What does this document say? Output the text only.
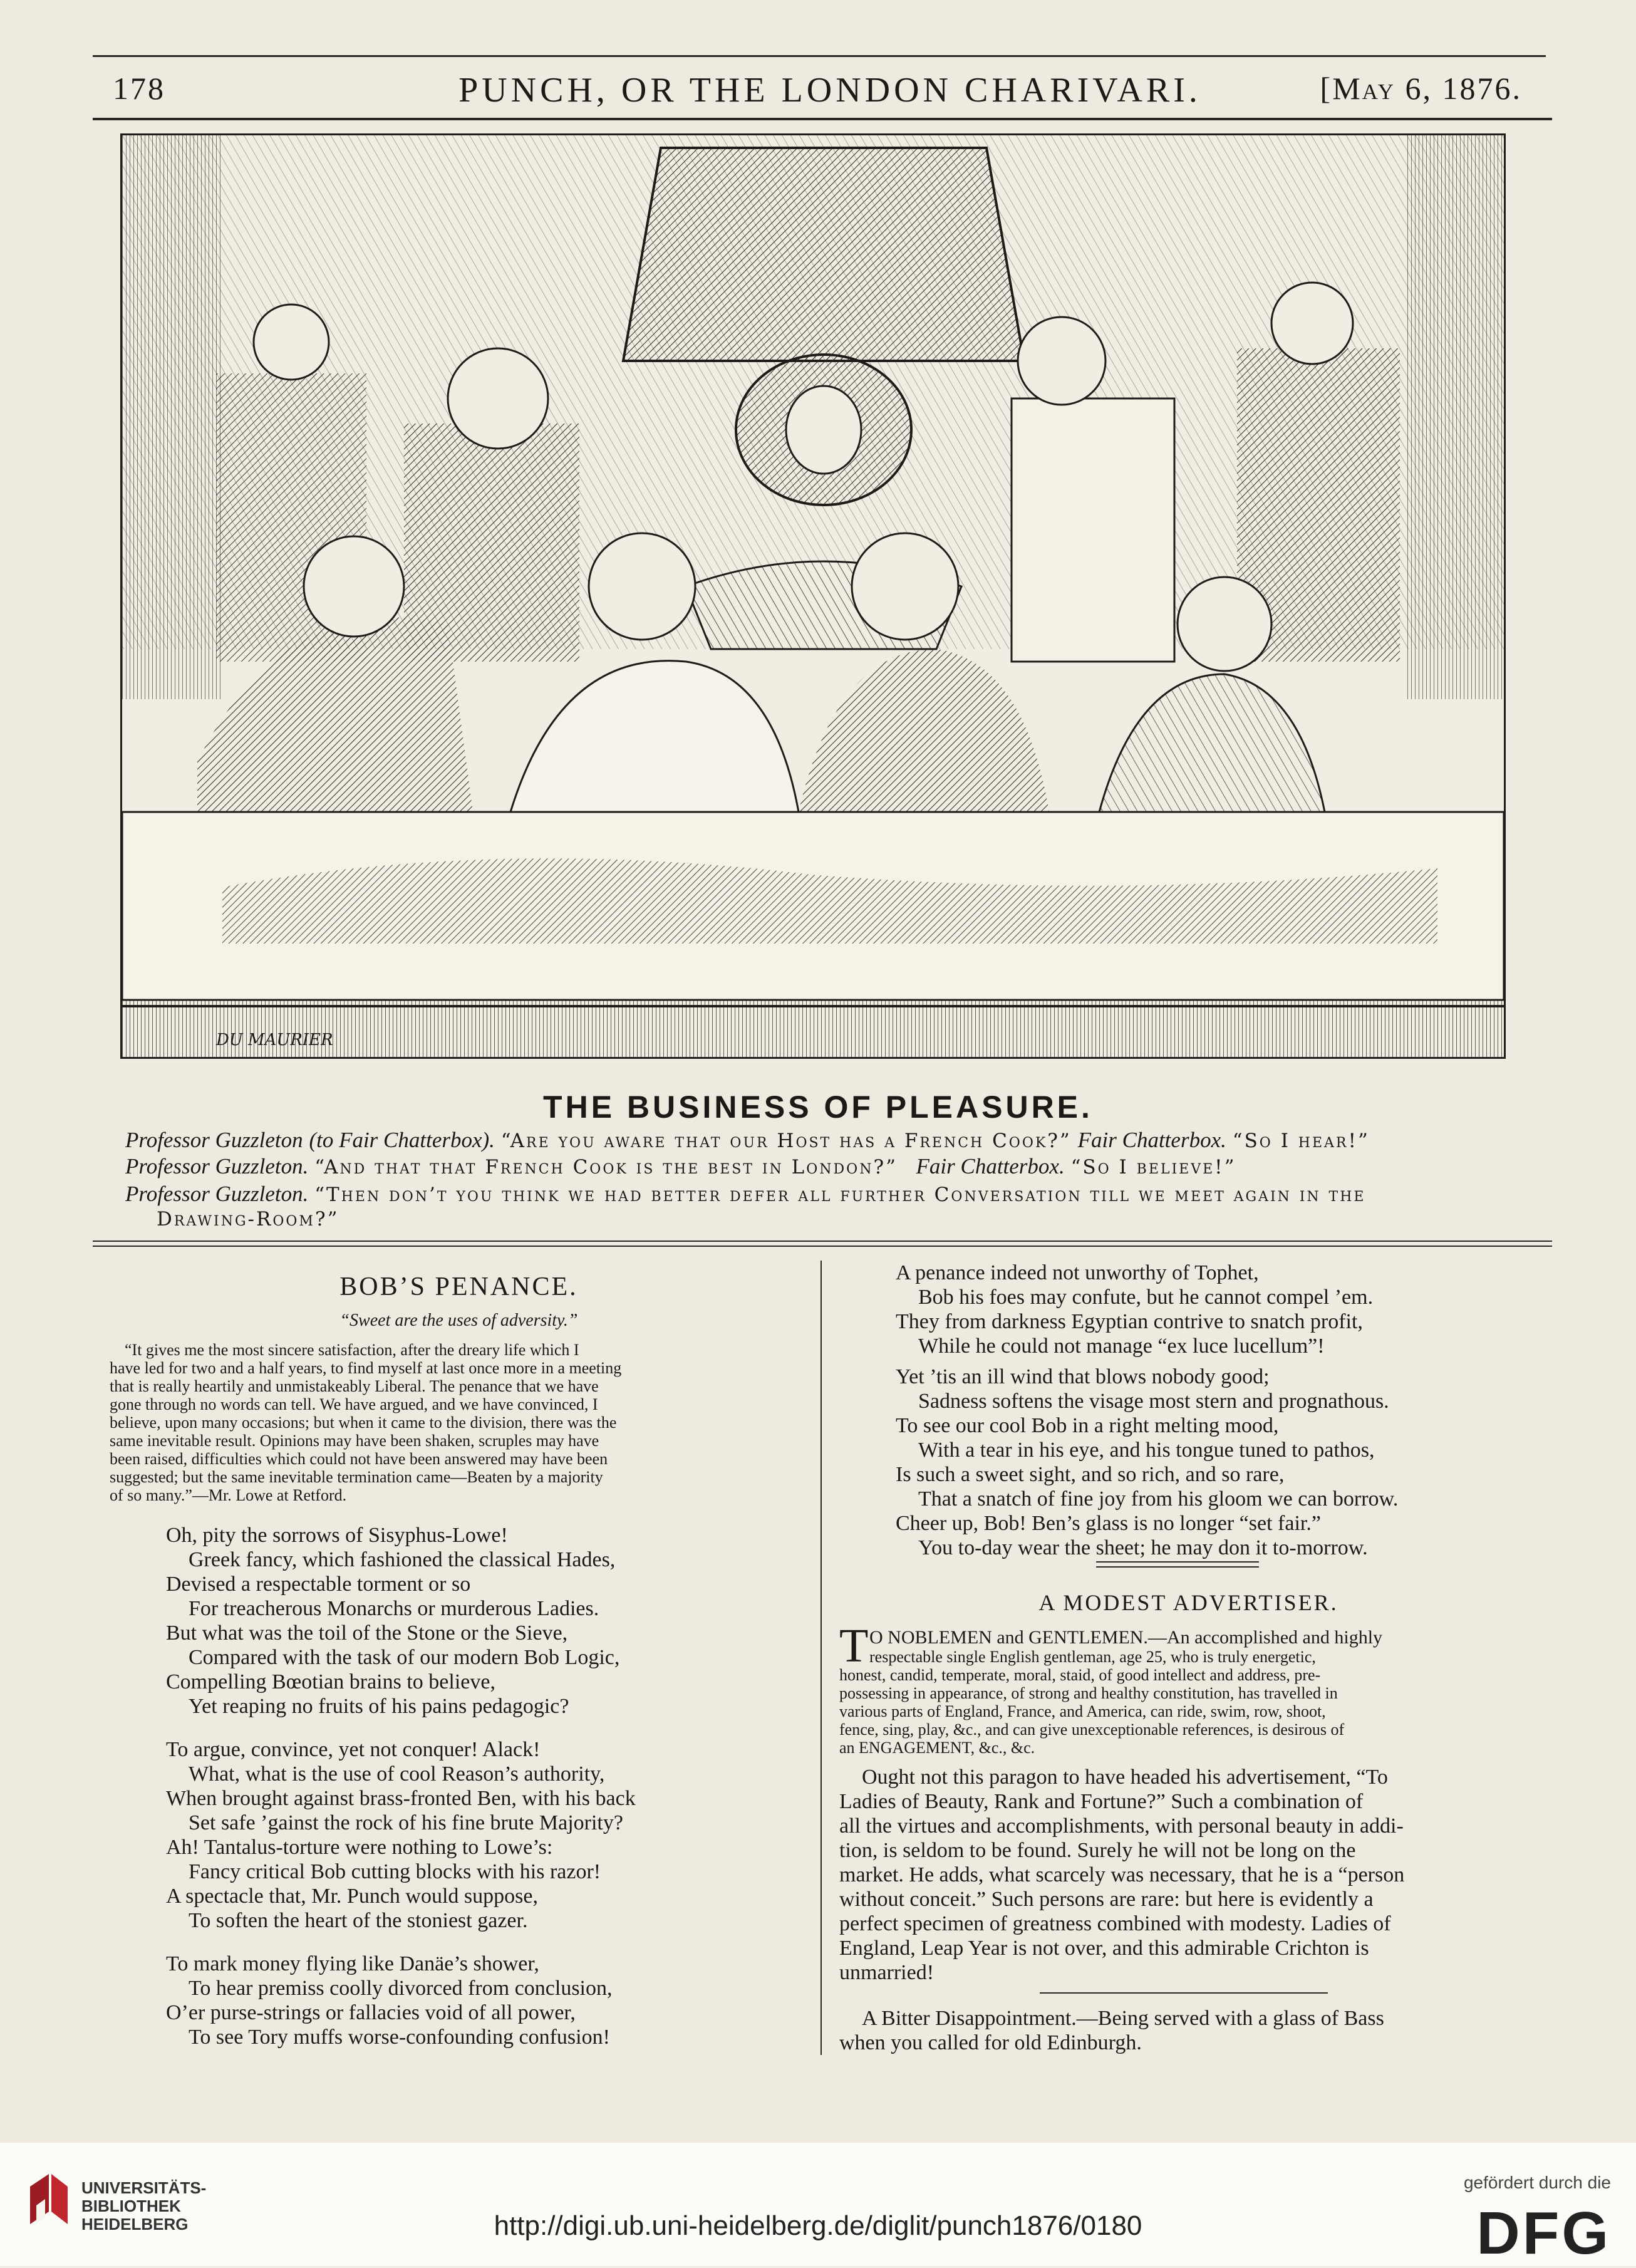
178	PUNCH, OR THE LONDON CHARIVARI.	[May 6, 1876.
DU MAURIER
THE BUSINESS OF PLEASURE.
Professor Guzzleton (to Fair Chatterbox). “Are you aware that our Host has a French Cook?” Fair Chatterbox. “So I hear!”
Professor Guzzleton. “And that that French Cook is the best in London?” Fair Chatterbox. “So I believe!”
Professor Guzzleton. “Then don’t you think we had better defer all further Conversation till we meet again in the
Drawing-Room?”
BOB’S PENANCE.
“Sweet are the uses of adversity.”
“It gives me the most sincere satisfaction, after the dreary life which I
have led for two and a half years, to find myself at last once more in a meeting
that is really heartily and unmistakeably Liberal. The penance that we have
gone through no words can tell. We have argued, and we have convinced, I
believe, upon many occasions; but when it came to the division, there was the
same inevitable result. Opinions may have been shaken, scruples may have
been raised, difficulties which could not have been answered may have been
suggested; but the same inevitable termination came—Beaten by a majority
of so many.”—Mr. Lowe at Retford.
Oh, pity the sorrows of Sisyphus-Lowe!
Greek fancy, which fashioned the classical Hades,
Devised a respectable torment or so
For treacherous Monarchs or murderous Ladies.
But what was the toil of the Stone or the Sieve,
Compared with the task of our modern Bob Logic,
Compelling Bœotian brains to believe,
Yet reaping no fruits of his pains pedagogic?
To argue, convince, yet not conquer! Alack!
What, what is the use of cool Reason’s authority,
When brought against brass-fronted Ben, with his back
Set safe ’gainst the rock of his fine brute Majority?
Ah! Tantalus-torture were nothing to Lowe’s:
Fancy critical Bob cutting blocks with his razor!
A spectacle that, Mr. Punch would suppose,
To soften the heart of the stoniest gazer.
To mark money flying like Danäe’s shower,
To hear premiss coolly divorced from conclusion,
O’er purse-strings or fallacies void of all power,
To see Tory muffs worse-confounding confusion!
A penance indeed not unworthy of Tophet,
Bob his foes may confute, but he cannot compel ’em.
They from darkness Egyptian contrive to snatch profit,
While he could not manage “ex luce lucellum”!
Yet ’tis an ill wind that blows nobody good;
Sadness softens the visage most stern and prognathous.
To see our cool Bob in a right melting mood,
With a tear in his eye, and his tongue tuned to pathos,
Is such a sweet sight, and so rich, and so rare,
That a snatch of fine joy from his gloom we can borrow.
Cheer up, Bob! Ben’s glass is no longer “set fair.”
You to-day wear the sheet; he may don it to-morrow.
A MODEST ADVERTISER.
T O NOBLEMEN and GENTLEMEN.—An accomplished and highly
respectable single English gentleman, age 25, who is truly energetic,
honest, candid, temperate, moral, staid, of good intellect and address, pre-
possessing in appearance, of strong and healthy constitution, has travelled in
various parts of England, France, and America, can ride, swim, row, shoot,
fence, sing, play, &c., and can give unexceptionable references, is desirous of
an ENGAGEMENT, &c., &c.
Ought not this paragon to have headed his advertisement, “To
Ladies of Beauty, Rank and Fortune?” Such a combination of
all the virtues and accomplishments, with personal beauty in addi-
tion, is seldom to be found. Surely he will not be long on the
market. He adds, what scarcely was necessary, that he is a “person
without conceit.” Such persons are rare: but here is evidently a
perfect specimen of greatness combined with modesty. Ladies of
England, Leap Year is not over, and this admirable Crichton is
unmarried!
A Bitter Disappointment.—Being served with a glass of Bass
when you called for old Edinburgh.
UNIVERSITÄTS-
BIBLIOTHEK
HEIDELBERG	http://digi.ub.uni-heidelberg.de/diglit/punch1876/0180
gefördert durch die
DFG
